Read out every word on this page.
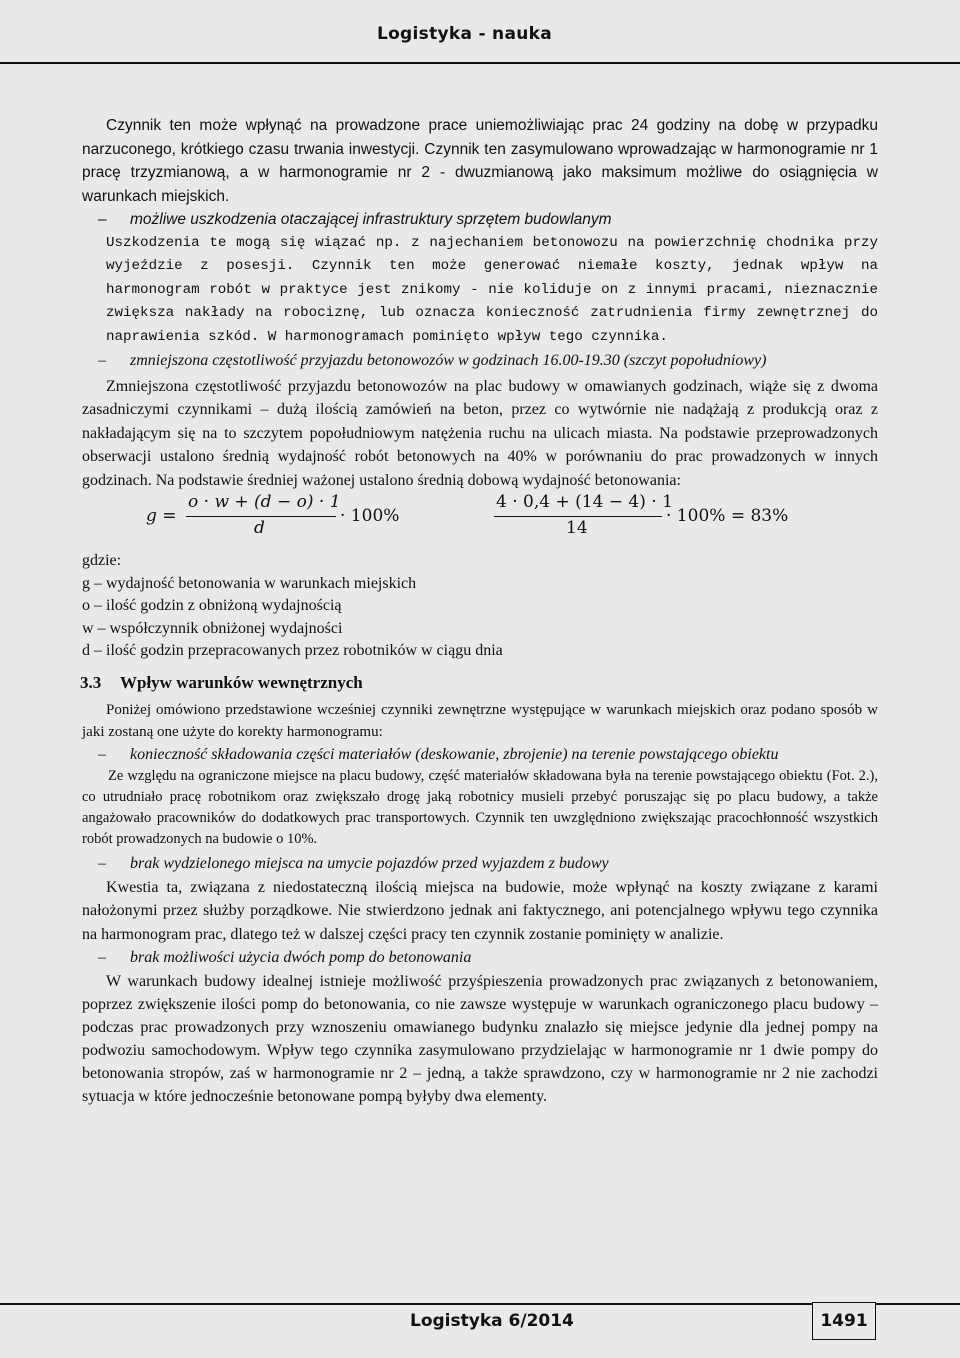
Logistyka - nauka

Czynnik ten może wpłynąć na prowadzone prace uniemożliwiając prac 24 godziny na dobę w przypadku narzuconego, krótkiego czasu trwania inwestycji. Czynnik ten zasymulowano wprowadzając w harmonogramie nr 1 pracę trzyzmianową, a w harmonogramie nr 2 - dwuzmianową jako maksimum możliwe do osiągnięcia w warunkach miejskich.

– możliwe uszkodzenia otaczającej infrastruktury sprzętem budowlanym

Uszkodzenia te mogą się wiązać np. z najechaniem betonowozu na powierzchnię chodnika przy wyjeździe z posesji. Czynnik ten może generować niemałe koszty, jednak wpływ na harmonogram robót w praktyce jest znikomy - nie koliduje on z innymi pracami, nieznacznie zwiększa nakłady na robociznę, lub oznacza konieczność zatrudnienia firmy zewnętrznej do naprawienia szkód. W harmonogramach pominięto wpływ tego czynnika.

– zmniejszona częstotliwość przyjazdu betonowozów w godzinach 16.00-19.30 (szczyt popołudniowy)

Zmniejszona częstotliwość przyjazdu betonowozów na plac budowy w omawianych godzinach, wiąże się z dwoma zasadniczymi czynnikami – dużą ilością zamówień na beton, przez co wytwórnie nie nadążają z produkcją oraz z nakładającym się na to szczytem popołudniowym natężenia ruchu na ulicach miasta. Na podstawie przeprowadzonych obserwacji ustalono średnią wydajność robót betonowych na 40% w porównaniu do prac prowadzonych w innych godzinach. Na podstawie średniej ważonej ustalono średnią dobową wydajność betonowania:

g =
o · w + (d − o) · 1
d
· 100%
4 · 0,4 + (14 − 4) · 1
14
· 100% = 83%

gdzie:

g – wydajność betonowania w warunkach miejskich

o – ilość godzin z obniżoną wydajnością

w – współczynnik obniżonej wydajności

d – ilość godzin przepracowanych przez robotników w ciągu dnia

3.3 Wpływ warunków wewnętrznych

Poniżej omówiono przedstawione wcześniej czynniki zewnętrzne występujące w warunkach miejskich oraz podano sposób w jaki zostaną one użyte do korekty harmonogramu:

– konieczność składowania części materiałów (deskowanie, zbrojenie) na terenie powstającego obiektu

Ze względu na ograniczone miejsce na placu budowy, część materiałów składowana była na terenie powstającego obiektu (Fot. 2.), co utrudniało pracę robotnikom oraz zwiększało drogę jaką robotnicy musieli przebyć poruszając się po placu budowy, a także angażowało pracowników do dodatkowych prac transportowych. Czynnik ten uwzględniono zwiększając pracochłonność wszystkich robót prowadzonych na budowie o 10%.

– brak wydzielonego miejsca na umycie pojazdów przed wyjazdem z budowy

Kwestia ta, związana z niedostateczną ilością miejsca na budowie, może wpłynąć na koszty związane z karami nałożonymi przez służby porządkowe. Nie stwierdzono jednak ani faktycznego, ani potencjalnego wpływu tego czynnika na harmonogram prac, dlatego też w dalszej części pracy ten czynnik zostanie pominięty w analizie.

– brak możliwości użycia dwóch pomp do betonowania

W warunkach budowy idealnej istnieje możliwość przyśpieszenia prowadzonych prac związanych z betonowaniem, poprzez zwiększenie ilości pomp do betonowania, co nie zawsze występuje w warunkach ograniczonego placu budowy – podczas prac prowadzonych przy wznoszeniu omawianego budynku znalazło się miejsce jedynie dla jednej pompy na podwoziu samochodowym. Wpływ tego czynnika zasymulowano przydzielając w harmonogramie nr 1 dwie pompy do betonowania stropów, zaś w harmonogramie nr 2 – jedną, a także sprawdzono, czy w harmonogramie nr 2 nie zachodzi sytuacja w które jednocześnie betonowane pompą byłyby dwa elementy.

Logistyka 6/2014	1491
